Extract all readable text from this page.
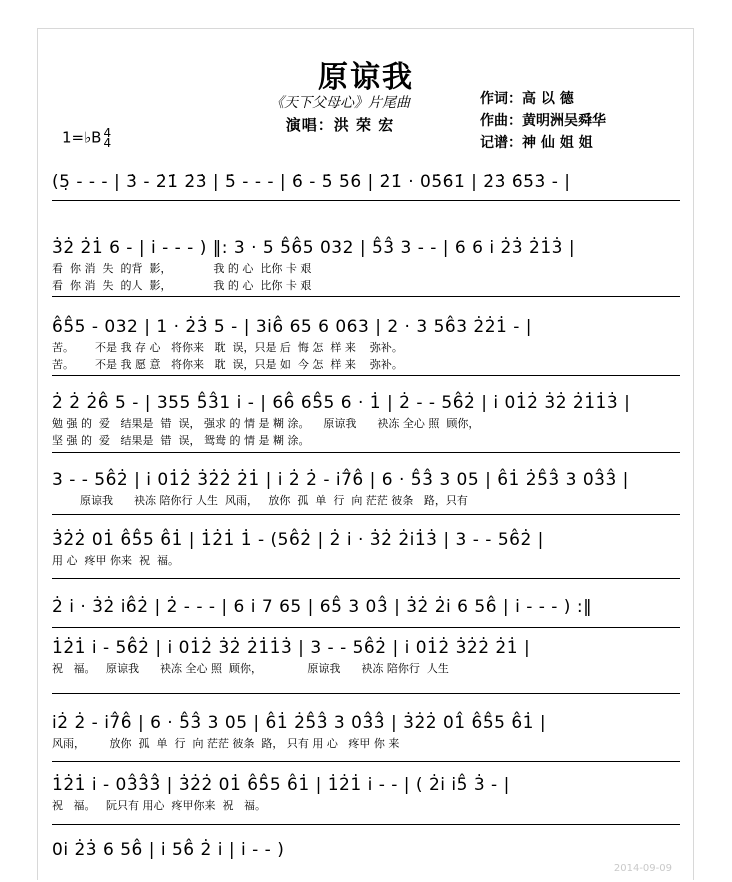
原谅我
《天下父母心》片尾曲
演唱：洪 荣 宏
作词：高 以 德
作曲：黄明洲吴舜华
记谱：神 仙 姐 姐
1=♭B 4
4
(5̣ - - - | 3̇ - 2̇1̇ 2̇3̇ | 5̇ - - - | 6̇ - 5̇ 5̇6̇ | 2̇1̇ · 05̇6̇1̇ | 2̇3̇ 6̇5̇3̇ - |
3̇2̇ 2̇1̇ 6 - | i - - - ) ‖: 3 · 5 5̂6̂5 032 | 5̂3̂ 3 - - | 6 6 i 2̇3̇ 2̇1̇3̇ |
看  你 消  失  的背  影，            我 的 心  比你 卡 艰
看  你 消  失  的人  影，            我 的 心  比你 卡 艰
6̂5̂5 - 032 | 1 · 2̇3̇ 5 - | 3i6̂ 65 6 063 | 2 · 3 56̂3 2̇2̇1̇ - |
苦。      不是 我 存 心   将你来   耽  误，只是 后  悔 怎  样 来    弥补。
苦。      不是 我 愿 意   将你来   耽  误，只是 如  今 怎  样 来    弥补。
2̇ 2̇ 2̇6̂ 5 - | 355 5̂3̂1 i - | 66̂ 65̂5 6 · 1̇ | 2̇ - - 56̂2̇ | i 01̇2̇ 3̇2̇ 2̇1̇1̇3̇ |
勉 强 的  爱   结果是  错  误， 强求 的 情 是 糊 涂。    原谅我      袂冻 全心 照  顾你，
坚 强 的  爱   结果是  错  误， 鸳鸯 的 情 是 糊 涂。
3 - - 56̂2̇ | i 01̇2̇ 3̇2̇2̇ 2̇1̇ | i 2̇ 2̇ - i7̂6̂ | 6 · 5̂3̂ 3 05 | 6̂1̇ 2̇5̂3̂ 3 03̂3̂ |
原谅我      袂冻 陪你行 人生  风雨，   放你  孤  单  行  向 茫茫 彼条   路，只有
3̇2̇2̇ 01̇ 6̂5̂5 6̂1̇ | 1̇2̇1̇ 1̇ - (56̂2̇ | 2̇ i · 3̇2̇ 2̇i1̇3̇ | 3 - - 56̂2̇ |
用 心  疼甲 你来  祝  福。
2̇ i · 3̇2̇ i6̂2̇ | 2̇ - - - | 6 i 7 65 | 65̂ 3 03̂ | 3̇2̇ 2̇i 6 56̂ | i - - - ) :‖
1̇2̇1̇ i - 56̂2̇ | i 01̇2̇ 3̇2̇ 2̇1̇1̇3̇ | 3 - - 56̂2̇ | i 01̇2̇ 3̇2̇2̇ 2̇1̇ |
祝   福。   原谅我      袂冻 全心 照  顾你，             原谅我      袂冻 陪你行  人生
i2̇ 2̇ - i7̂6̂ | 6 · 5̂3̂ 3 05 | 6̂1̇ 2̇5̂3̂ 3 03̂3̂ | 3̇2̇2̇ 01̂ 6̂5̂5 6̂1̇ |
风雨，       放你  孤  单  行  向 茫茫 彼条  路， 只有 用 心   疼甲 你 来
1̇2̇1̇ i - 03̂3̂3̂ | 3̇2̇2̇ 01̇ 6̂5̂5 6̂1̇ | 1̇2̇1̇ i - - | ( 2̇i i5̂ 3̇ - |
祝   福。   阮只有 用心  疼甲你来  祝   福。
0i 2̇3̇ 6 56̂ | i 56̂ 2̇ i | i - - )
2014-09-09
